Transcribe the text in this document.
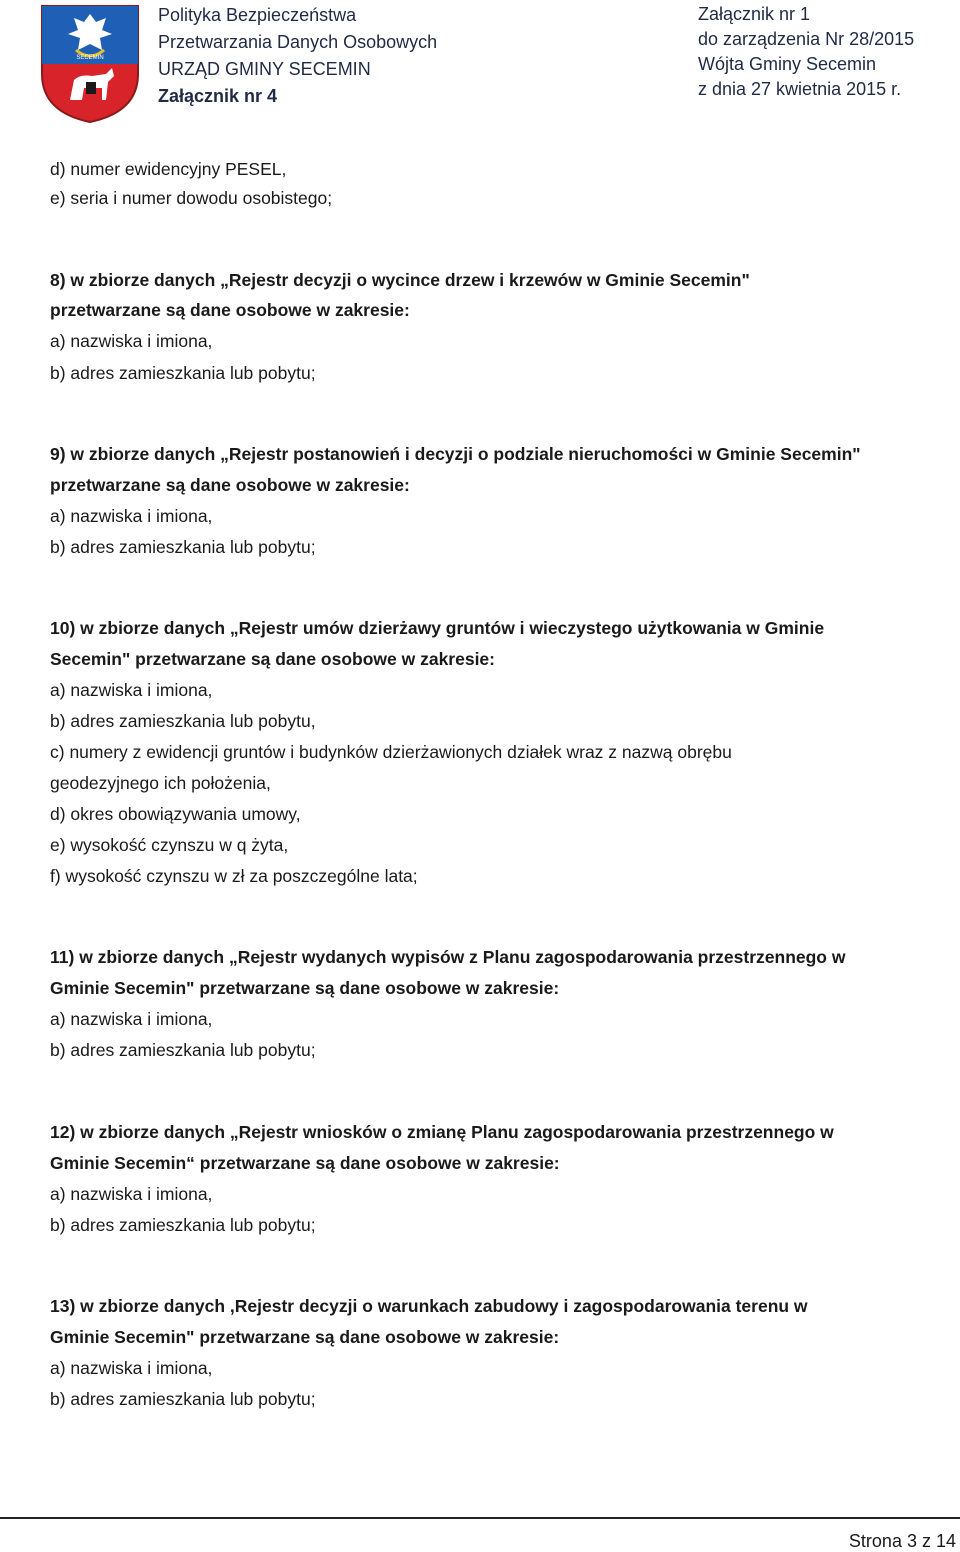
SECEMIN
Polityka Bezpieczeństwa
Przetwarzania Danych Osobowych
URZĄD GMINY SECEMIN
Załącznik nr 4
Załącznik nr 1
do zarządzenia Nr 28/2015
Wójta Gminy Secemin
z dnia 27 kwietnia 2015 r.
d) numer ewidencyjny PESEL,
e) seria i numer dowodu osobistego;
8) w zbiorze danych „Rejestr decyzji o wycince drzew i krzewów w Gminie Secemin"
przetwarzane są dane osobowe w zakresie:
a) nazwiska i imiona,
b) adres zamieszkania lub pobytu;
9) w zbiorze danych „Rejestr postanowień i decyzji o podziale nieruchomości w Gminie Secemin"
przetwarzane są dane osobowe w zakresie:
a) nazwiska i imiona,
b) adres zamieszkania lub pobytu;
10) w zbiorze danych „Rejestr umów dzierżawy gruntów i wieczystego użytkowania w Gminie
Secemin" przetwarzane są dane osobowe w zakresie:
a) nazwiska i imiona,
b) adres zamieszkania lub pobytu,
c) numery z ewidencji gruntów i budynków dzierżawionych działek wraz z nazwą obrębu
geodezyjnego ich położenia,
d) okres obowiązywania umowy,
e) wysokość czynszu w q żyta,
f) wysokość czynszu w zł za poszczególne lata;
11) w zbiorze danych „Rejestr wydanych wypisów z Planu zagospodarowania przestrzennego w
Gminie Secemin" przetwarzane są dane osobowe w zakresie:
a) nazwiska i imiona,
b) adres zamieszkania lub pobytu;
12) w zbiorze danych „Rejestr wniosków o zmianę Planu zagospodarowania przestrzennego w
Gminie Secemin“ przetwarzane są dane osobowe w zakresie:
a) nazwiska i imiona,
b) adres zamieszkania lub pobytu;
13) w zbiorze danych ,Rejestr decyzji o warunkach zabudowy i zagospodarowania terenu w
Gminie Secemin" przetwarzane są dane osobowe w zakresie:
a) nazwiska i imiona,
b) adres zamieszkania lub pobytu;
Strona 3 z 14
